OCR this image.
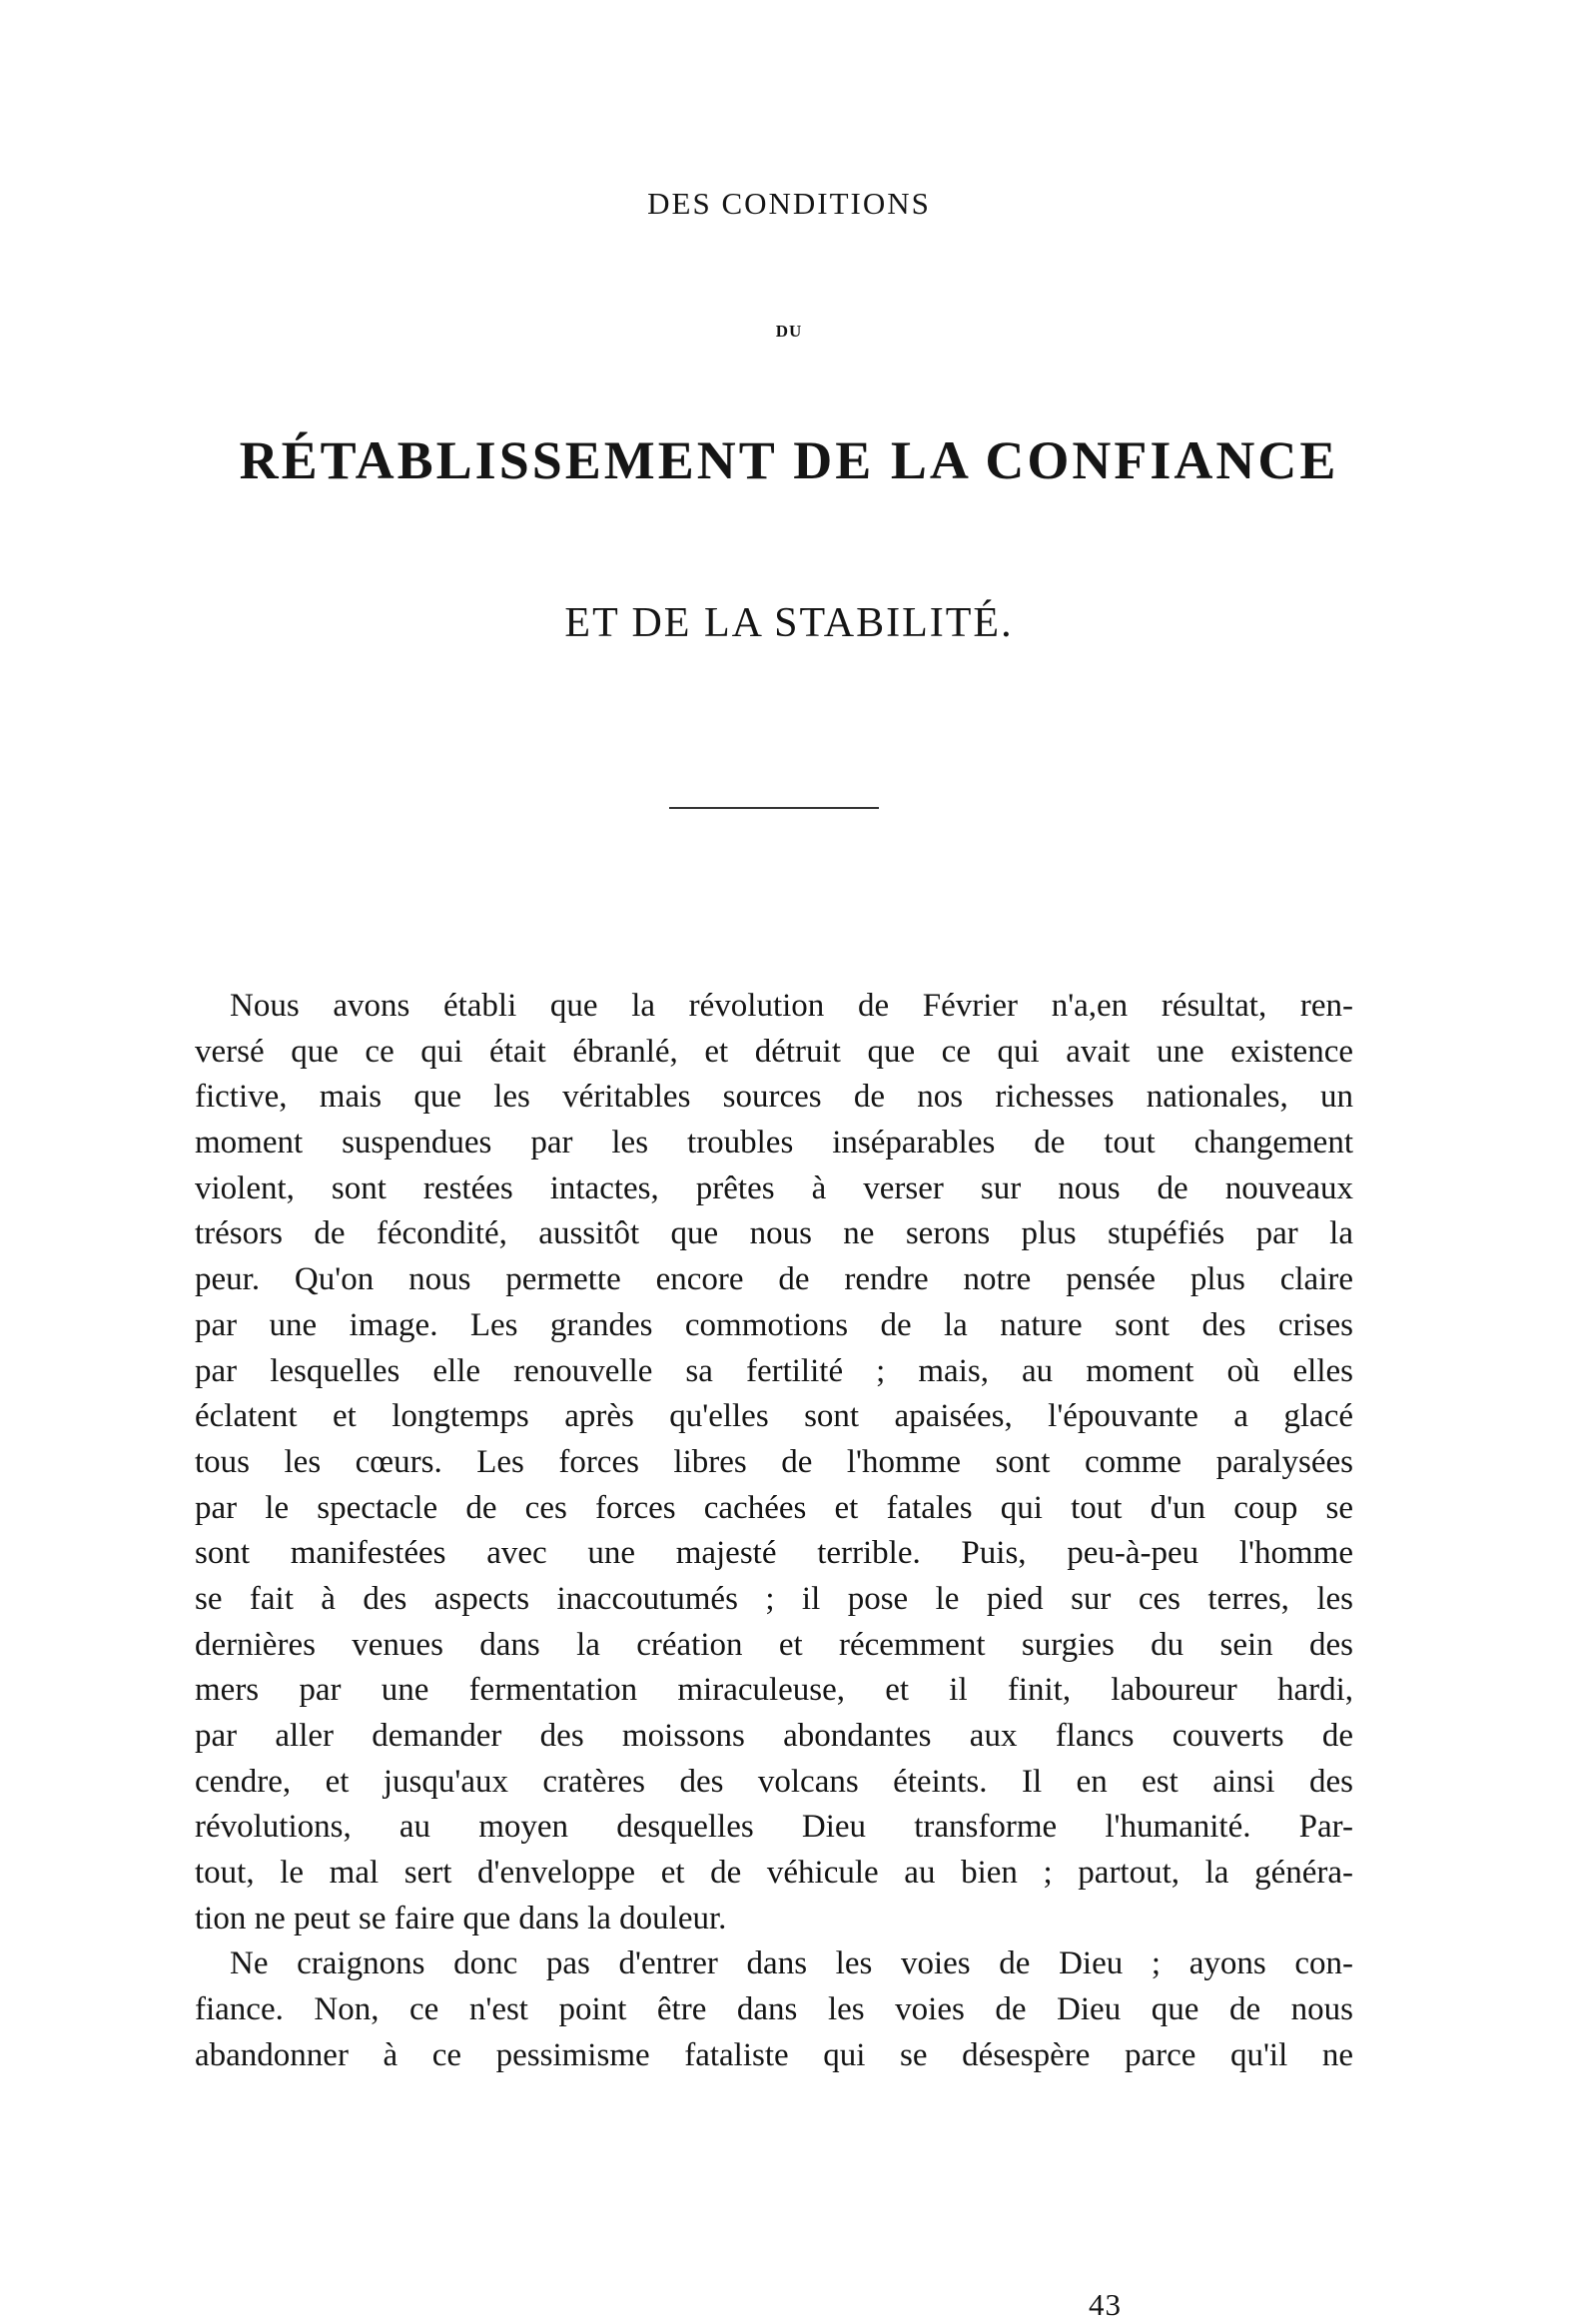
DES CONDITIONS
DU
RÉTABLISSEMENT DE LA CONFIANCE
ET DE LA STABILITÉ.
Nous avons établi que la révolution de Février n'a,en résultat, ren-
versé que ce qui était ébranlé, et détruit que ce qui avait une existence
fictive, mais que les véritables sources de nos richesses nationales, un
moment suspendues par les troubles inséparables de tout changement
violent, sont restées intactes, prêtes à verser sur nous de nouveaux
trésors de fécondité, aussitôt que nous ne serons plus stupéfiés par la
peur. Qu'on nous permette encore de rendre notre pensée plus claire
par une image. Les grandes commotions de la nature sont des crises
par lesquelles elle renouvelle sa fertilité ; mais, au moment où elles
éclatent et longtemps après qu'elles sont apaisées, l'épouvante a glacé
tous les cœurs. Les forces libres de l'homme sont comme paralysées
par le spectacle de ces forces cachées et fatales qui tout d'un coup se
sont manifestées avec une majesté terrible. Puis, peu-à-peu l'homme
se fait à des aspects inaccoutumés ; il pose le pied sur ces terres, les
dernières venues dans la création et récemment surgies du sein des
mers par une fermentation miraculeuse, et il finit, laboureur hardi,
par aller demander des moissons abondantes aux flancs couverts de
cendre, et jusqu'aux cratères des volcans éteints. Il en est ainsi des
révolutions, au moyen desquelles Dieu transforme l'humanité. Par-
tout, le mal sert d'enveloppe et de véhicule au bien ; partout, la généra-
tion ne peut se faire que dans la douleur.
Ne craignons donc pas d'entrer dans les voies de Dieu ; ayons con-
fiance. Non, ce n'est point être dans les voies de Dieu que de nous
abandonner à ce pessimisme fataliste qui se désespère parce qu'il ne
43
